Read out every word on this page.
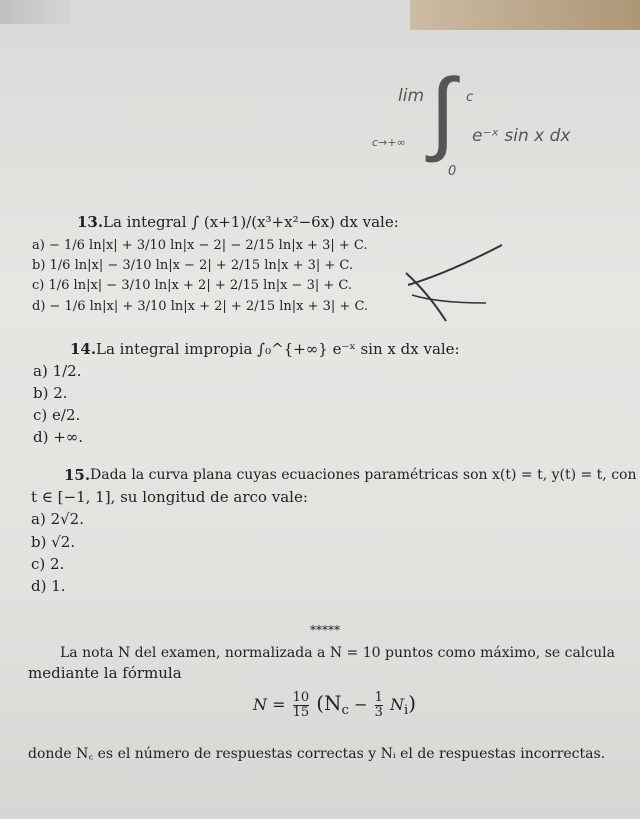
lim
c→+∞ ∫ c
0
e⁻ˣ sin x dx
13. La integral ∫ (x+1)/(x³+x²−6x) dx vale:
a) − 1/6 ln|x| + 3/10 ln|x − 2| − 2/15 ln|x + 3| + C.
b) 1/6 ln|x| − 3/10 ln|x − 2| + 2/15 ln|x + 3| + C.
c) 1/6 ln|x| − 3/10 ln|x + 2| + 2/15 ln|x − 3| + C.
d) − 1/6 ln|x| + 3/10 ln|x + 2| + 2/15 ln|x + 3| + C.
14. La integral impropia ∫₀^{+∞} e⁻ˣ sin x dx vale:
a) 1/2.
b) 2.
c) e/2.
d) +∞.
15. Dada la curva plana cuyas ecuaciones paramétricas son x(t) = t, y(t) = t, con
t ∈ [−1, 1], su longitud de arco vale:
a) 2√2.
b) √2.
c) 2.
d) 1.
*****
La nota N del examen, normalizada a N = 10 puntos como máximo, se calcula
mediante la fórmula
$N = \frac{10}{15} (N_c - \frac{1}{3} N_i)$
donde N꜀ es el número de respuestas correctas y Nᵢ el de respuestas incorrectas.
